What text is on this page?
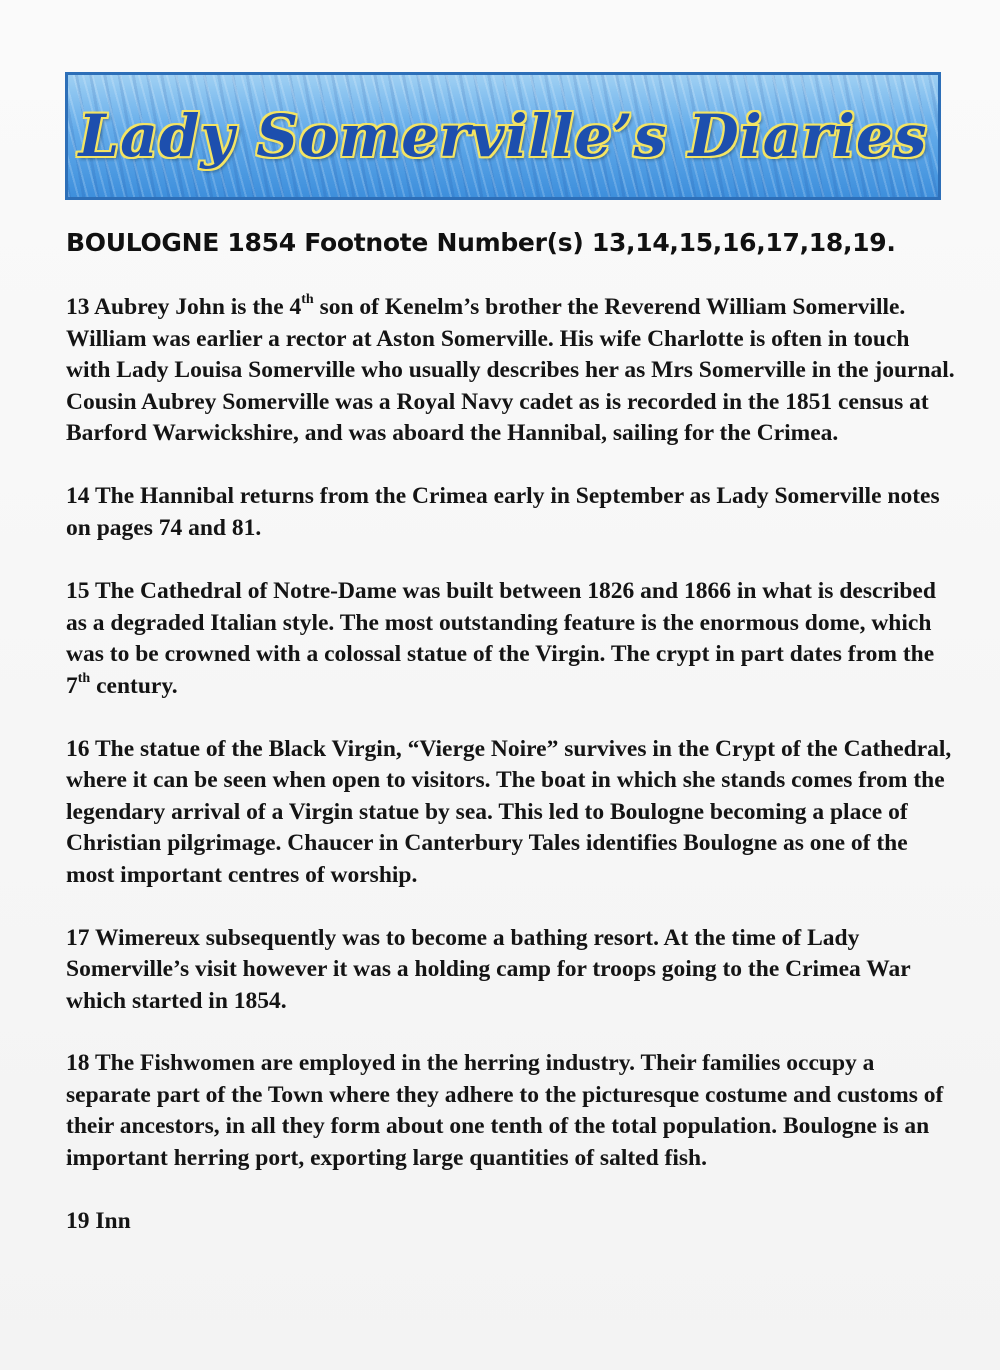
Lady Somerville’s Diaries
BOULOGNE 1854 Footnote Number(s) 13,14,15,16,17,18,19.

13 Aubrey John is the 4th son of Kenelm’s brother the Reverend William Somerville. William was earlier a rector at Aston Somerville. His wife Charlotte is often in touch with Lady Louisa Somerville who usually describes her as Mrs Somerville in the journal. Cousin Aubrey Somerville was a Royal Navy cadet as is recorded in the 1851 census at Barford Warwickshire, and was aboard the Hannibal, sailing for the Crimea.

14 The Hannibal returns from the Crimea early in September as Lady Somerville notes on pages 74 and 81.

15 The Cathedral of Notre-Dame was built between 1826 and 1866 in what is described as a degraded Italian style. The most outstanding feature is the enormous dome, which was to be crowned with a colossal statue of the Virgin. The crypt in part dates from the 7th century.

16 The statue of the Black Virgin, “Vierge Noire” survives in the Crypt of the Cathedral, where it can be seen when open to visitors. The boat in which she stands comes from the legendary arrival of a Virgin statue by sea. This led to Boulogne becoming a place of Christian pilgrimage. Chaucer in Canterbury Tales identifies Boulogne as one of the most important centres of worship.

17 Wimereux subsequently was to become a bathing resort. At the time of Lady Somerville’s visit however it was a holding camp for troops going to the Crimea War which started in 1854.

18 The Fishwomen are employed in the herring industry. Their families occupy a separate part of the Town where they adhere to the picturesque costume and customs of their ancestors, in all they form about one tenth of the total population. Boulogne is an important herring port, exporting large quantities of salted fish.

19 Inn
